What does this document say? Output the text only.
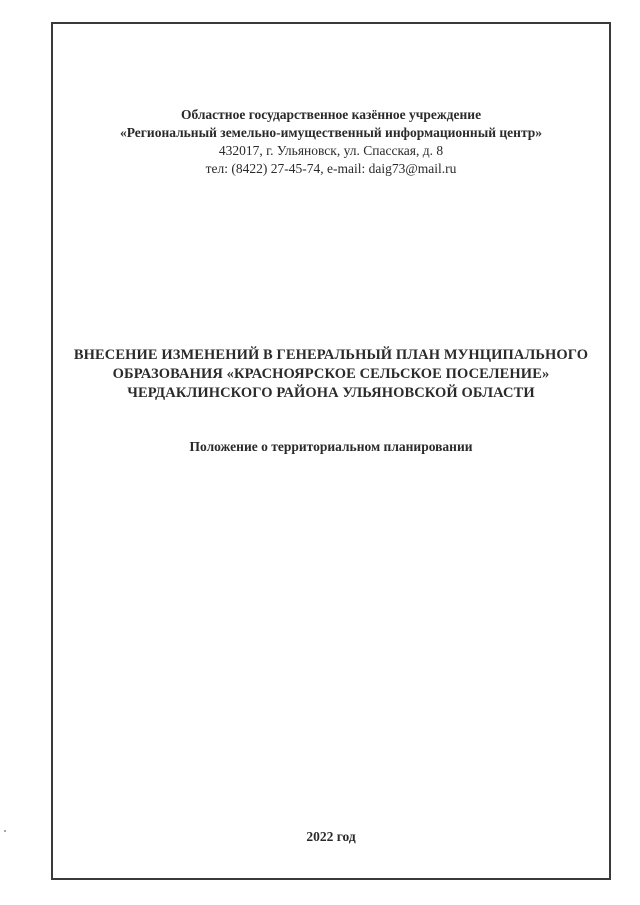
Областное государственное казённое учреждение
«Региональный земельно-имущественный информационный центр»
432017, г. Ульяновск, ул. Спасская, д. 8
тел: (8422) 27-45-74, e-mail: daig73@mail.ru
ВНЕСЕНИЕ ИЗМЕНЕНИЙ В ГЕНЕРАЛЬНЫЙ ПЛАН МУНЦИПАЛЬНОГО
ОБРАЗОВАНИЯ «КРАСНОЯРСКОЕ СЕЛЬСКОЕ ПОСЕЛЕНИЕ»
ЧЕРДАКЛИНСКОГО РАЙОНА УЛЬЯНОВСКОЙ ОБЛАСТИ
Положение о территориальном планировании
2022 год
